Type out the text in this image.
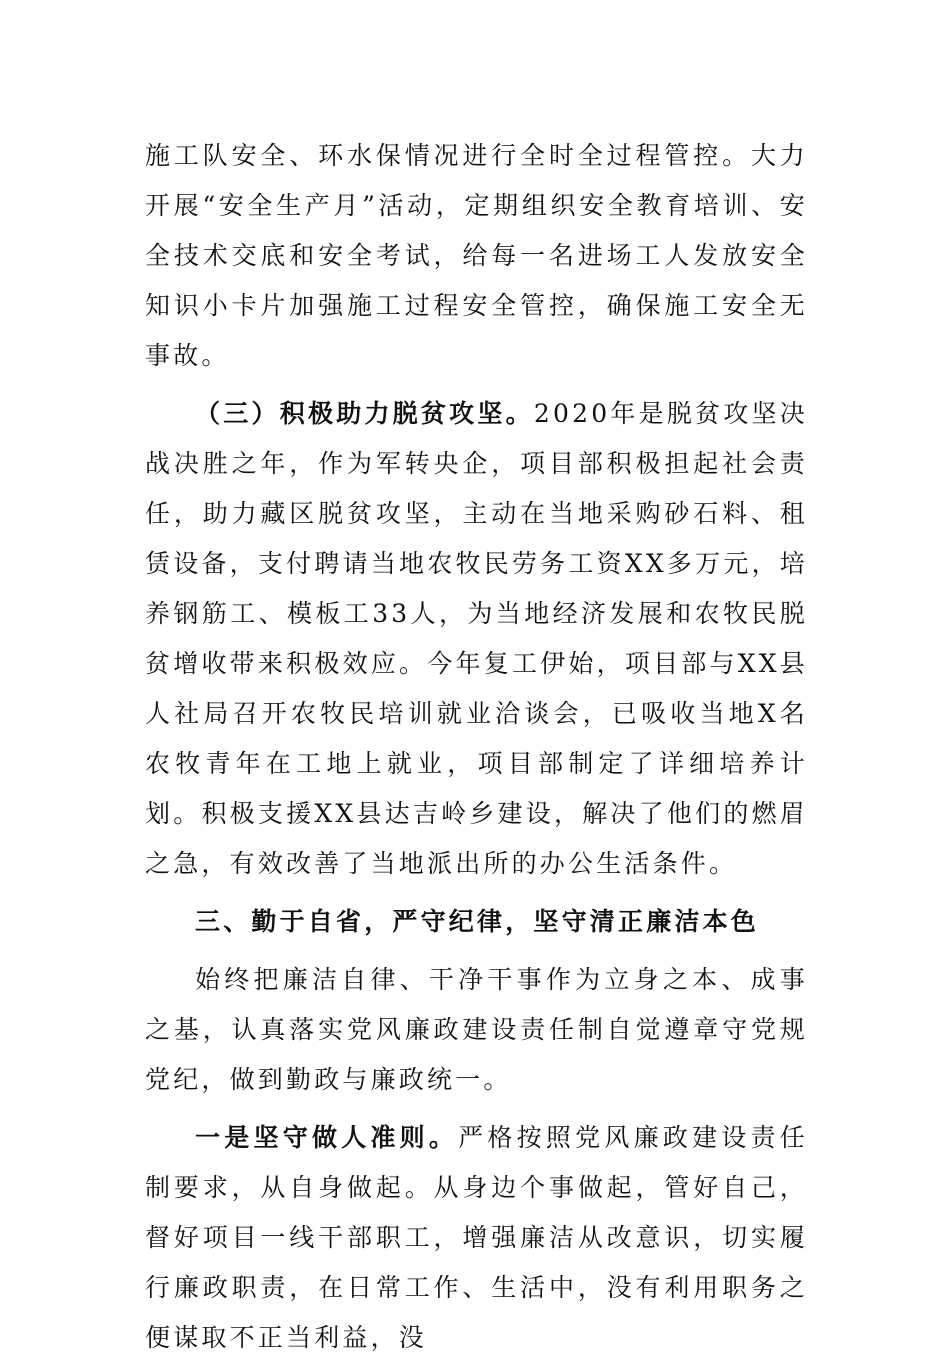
施工队安全、环水保情况进行全时全过程管控。大力开展“安全生产月”活动，定期组织安全教育培训、安全技术交底和安全考试，给每一名进场工人发放安全知识小卡片加强施工过程安全管控，确保施工安全无事故。

（三）积极助力脱贫攻坚。2020年是脱贫攻坚决战决胜之年，作为军转央企，项目部积极担起社会责任，助力藏区脱贫攻坚，主动在当地采购砂石料、租赁设备，支付聘请当地农牧民劳务工资XX多万元，培养钢筋工、模板工33人，为当地经济发展和农牧民脱贫增收带来积极效应。今年复工伊始，项目部与XX县人社局召开农牧民培训就业洽谈会，已吸收当地X名农牧青年在工地上就业，项目部制定了详细培养计划。积极支援XX县达吉岭乡建设，解决了他们的燃眉之急，有效改善了当地派出所的办公生活条件。

三、勤于自省，严守纪律，坚守清正廉洁本色

始终把廉洁自律、干净干事作为立身之本、成事之基，认真落实党风廉政建设责任制自觉遵章守党规党纪，做到勤政与廉政统一。

一是坚守做人准则。严格按照党风廉政建设责任制要求，从自身做起。从身边个事做起，管好自己，督好项目一线干部职工，增强廉洁从改意识，切实履行廉政职责，在日常工作、生活中，没有利用职务之便谋取不正当利益，没
